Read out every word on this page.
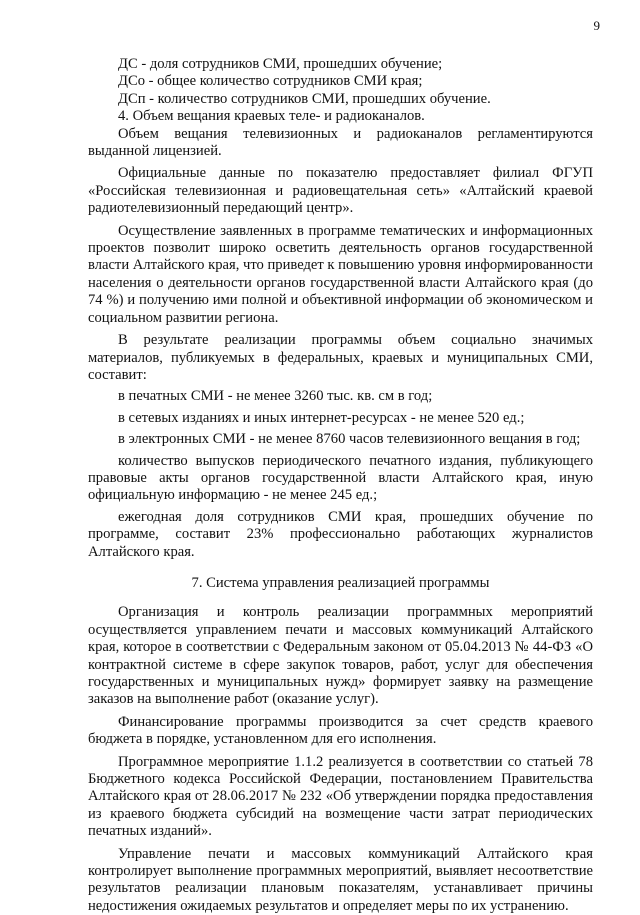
9

ДС - доля сотрудников СМИ, прошедших обучение;

ДСо - общее количество сотрудников СМИ края;

ДСп - количество сотрудников СМИ, прошедших обучение.

4. Объем вещания краевых теле- и радиоканалов.

Объем вещания телевизионных и радиоканалов регламентируются выданной лицензией.

Официальные данные по показателю предоставляет филиал ФГУП «Российская телевизионная и радиовещательная сеть» «Алтайский краевой радиотелевизионный передающий центр».

Осуществление заявленных в программе тематических и информационных проектов позволит широко осветить деятельность органов государственной власти Алтайского края, что приведет к повышению уровня информированности населения о деятельности органов государственной власти Алтайского края (до 74 %) и получению ими полной и объективной информации об экономическом и социальном развитии региона.

В результате реализации программы объем социально значимых материалов, публикуемых в федеральных, краевых и муниципальных СМИ, составит:

в печатных СМИ - не менее 3260 тыс. кв. см в год;

в сетевых изданиях и иных интернет-ресурсах - не менее 520 ед.;

в электронных СМИ - не менее 8760 часов телевизионного вещания в год;

количество выпусков периодического печатного издания, публикующего правовые акты органов государственной власти Алтайского края, иную официальную информацию - не менее 245 ед.;

ежегодная доля сотрудников СМИ края, прошедших обучение по программе, составит 23% профессионально работающих журналистов Алтайского края.

7. Система управления реализацией программы

Организация и контроль реализации программных мероприятий осуществляется управлением печати и массовых коммуникаций Алтайского края, которое в соответствии с Федеральным законом от 05.04.2013 № 44-ФЗ «О контрактной системе в сфере закупок товаров, работ, услуг для обеспечения государственных и муниципальных нужд» формирует заявку на размещение заказов на выполнение работ (оказание услуг).

Финансирование программы производится за счет средств краевого бюджета в порядке, установленном для его исполнения.

Программное мероприятие 1.1.2 реализуется в соответствии со статьей 78 Бюджетного кодекса Российской Федерации, постановлением Правительства Алтайского края от 28.06.2017 № 232 «Об утверждении порядка предоставления из краевого бюджета субсидий на возмещение части затрат периодических печатных изданий».

Управление печати и массовых коммуникаций Алтайского края контролирует выполнение программных мероприятий, выявляет несоответствие результатов реализации плановым показателям, устанавливает причины недостижения ожидаемых результатов и определяет меры по их устранению.
